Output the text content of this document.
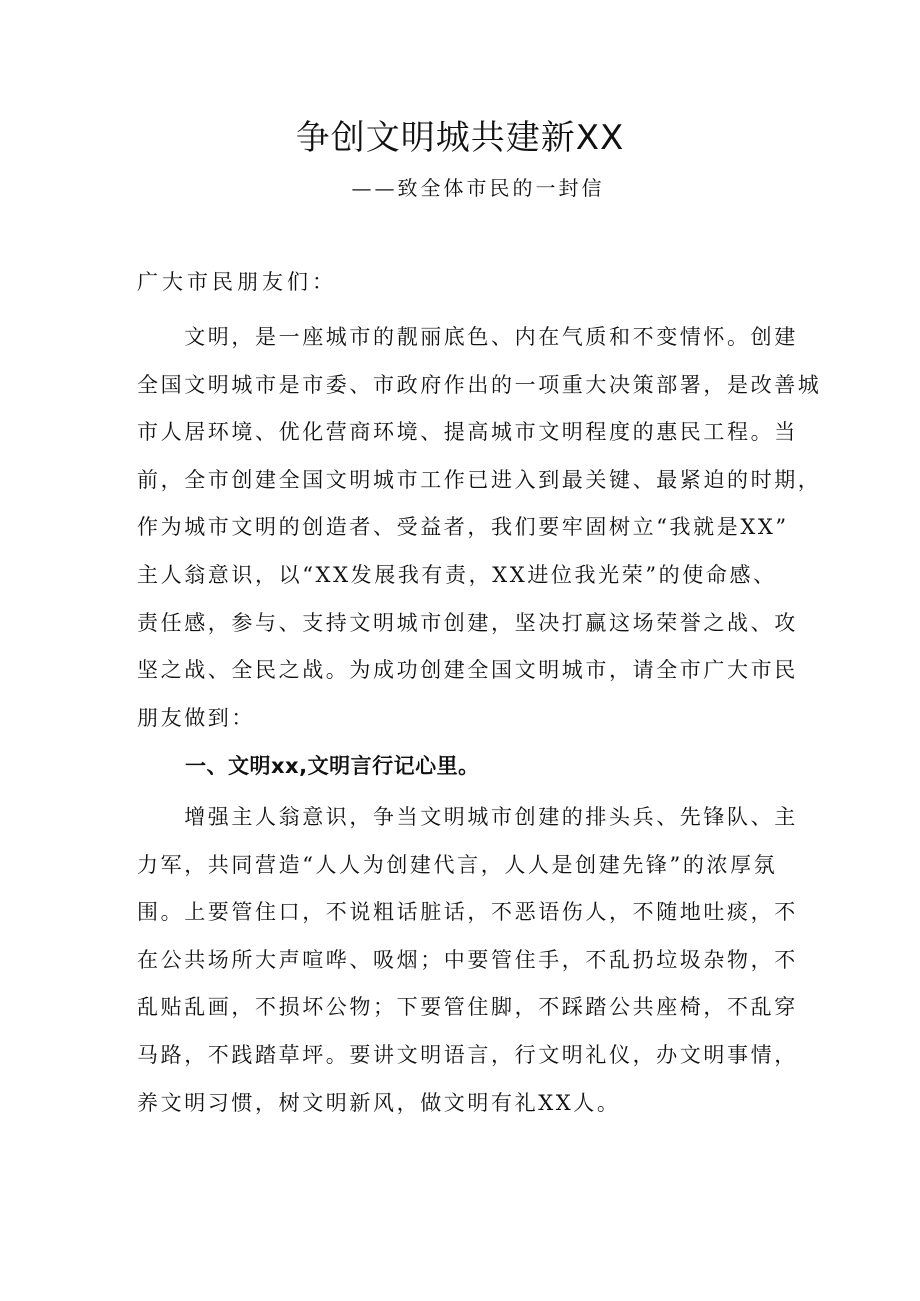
争创文明城共建新XX
——致全体市民的一封信
广大市民朋友们：
　　文明，是一座城市的靓丽底色、内在气质和不变情怀。创建
全国文明城市是市委、市政府作出的一项重大决策部署，是改善城
市人居环境、优化营商环境、提高城市文明程度的惠民工程。当
前，全市创建全国文明城市工作已进入到最关键、最紧迫的时期，
作为城市文明的创造者、受益者，我们要牢固树立“我就是XX”
主人翁意识，以“XX发展我有责，XX进位我光荣”的使命感、
责任感，参与、支持文明城市创建，坚决打赢这场荣誉之战、攻
坚之战、全民之战。为成功创建全国文明城市，请全市广大市民
朋友做到：
一、文明xx,文明言行记心里。
　　增强主人翁意识，争当文明城市创建的排头兵、先锋队、主
力军，共同营造“人人为创建代言，人人是创建先锋”的浓厚氛
围。上要管住口，不说粗话脏话，不恶语伤人，不随地吐痰，不
在公共场所大声喧哗、吸烟；中要管住手，不乱扔垃圾杂物，不
乱贴乱画，不损坏公物；下要管住脚，不踩踏公共座椅，不乱穿
马路，不践踏草坪。要讲文明语言，行文明礼仪，办文明事情，
养文明习惯，树文明新风，做文明有礼XX人。
